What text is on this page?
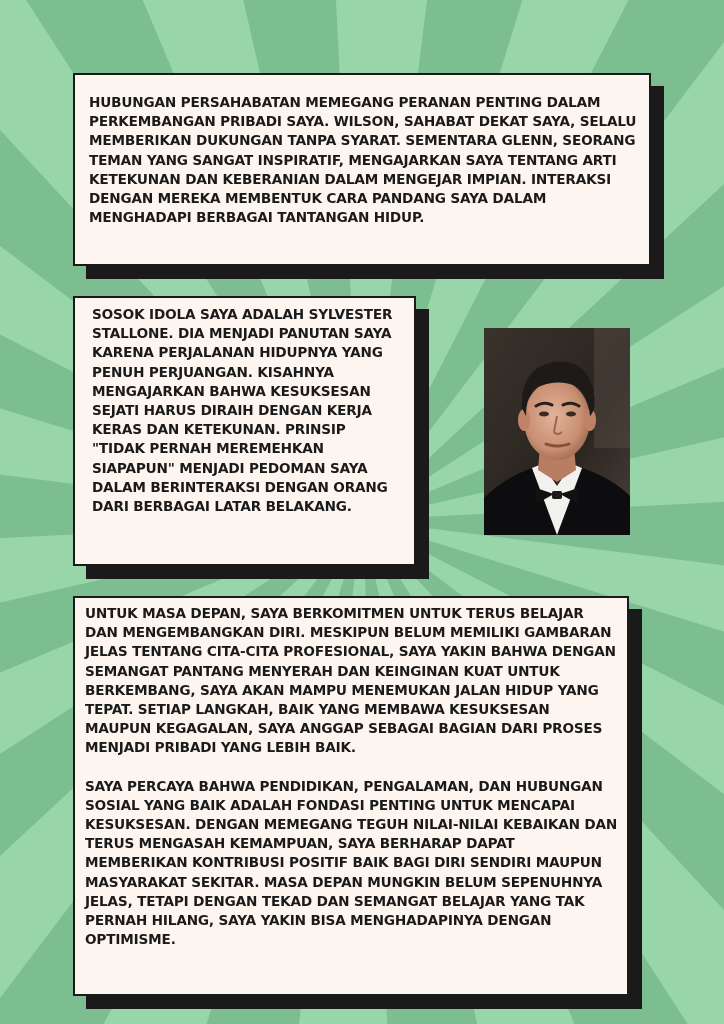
HUBUNGAN PERSAHABATAN MEMEGANG PERANAN PENTING DALAM PERKEMBANGAN PRIBADI SAYA. WILSON, SAHABAT DEKAT SAYA, SELALU MEMBERIKAN DUKUNGAN TANPA SYARAT. SEMENTARA GLENN, SEORANG TEMAN YANG SANGAT INSPIRATIF, MENGAJARKAN SAYA TENTANG ARTI KETEKUNAN DAN KEBERANIAN DALAM MENGEJAR IMPIAN. INTERAKSI DENGAN MEREKA MEMBENTUK CARA PANDANG SAYA DALAM MENGHADAPI BERBAGAI TANTANGAN HIDUP.
SOSOK IDOLA SAYA ADALAH SYLVESTER STALLONE. DIA MENJADI PANUTAN SAYA KARENA PERJALANAN HIDUPNYA YANG PENUH PERJUANGAN. KISAHNYA MENGAJARKAN BAHWA KESUKSESAN SEJATI HARUS DIRAIH DENGAN KERJA KERAS DAN KETEKUNAN. PRINSIP "TIDAK PERNAH MEREMEHKAN SIAPAPUN" MENJADI PEDOMAN SAYA DALAM BERINTERAKSI DENGAN ORANG DARI BERBAGAI LATAR BELAKANG.
UNTUK MASA DEPAN, SAYA BERKOMITMEN UNTUK TERUS BELAJAR DAN MENGEMBANGKAN DIRI. MESKIPUN BELUM MEMILIKI GAMBARAN JELAS TENTANG CITA-CITA PROFESIONAL, SAYA YAKIN BAHWA DENGAN SEMANGAT PANTANG MENYERAH DAN KEINGINAN KUAT UNTUK BERKEMBANG, SAYA AKAN MAMPU MENEMUKAN JALAN HIDUP YANG TEPAT. SETIAP LANGKAH, BAIK YANG MEMBAWA KESUKSESAN MAUPUN KEGAGALAN, SAYA ANGGAP SEBAGAI BAGIAN DARI PROSES MENJADI PRIBADI YANG LEBIH BAIK.
SAYA PERCAYA BAHWA PENDIDIKAN, PENGALAMAN, DAN HUBUNGAN SOSIAL YANG BAIK ADALAH FONDASI PENTING UNTUK MENCAPAI KESUKSESAN. DENGAN MEMEGANG TEGUH NILAI-NILAI KEBAIKAN DAN TERUS MENGASAH KEMAMPUAN, SAYA BERHARAP DAPAT MEMBERIKAN KONTRIBUSI POSITIF BAIK BAGI DIRI SENDIRI MAUPUN MASYARAKAT SEKITAR. MASA DEPAN MUNGKIN BELUM SEPENUHNYA JELAS, TETAPI DENGAN TEKAD DAN SEMANGAT BELAJAR YANG TAK PERNAH HILANG, SAYA YAKIN BISA MENGHADAPINYA DENGAN OPTIMISME.
